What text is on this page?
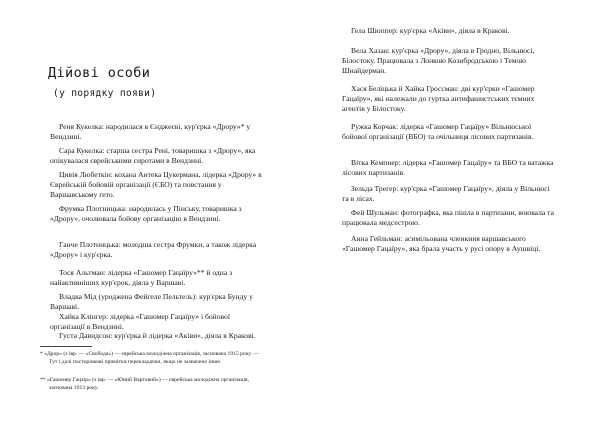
Дійові особи
(у порядку появи)

Реня Кукелка: народилася в Єнджеєві, кур'єрка «Дрору»* у Вендзині.

Сара Кукелка: старша сестра Рені, товаришка з «Дрору», яка опікувалася єврейськими сиротами в Вендзині.

Цивія Любеткін: кохана Антека Цукермана, лідерка «Дрору» в Єврейській бойовій організації (ЄБО) та повстання у Варшавському гето.

Фрумка Плотницька: народилась у Пінську, товаришка з «Дрору», очолювала бойову організацію в Вендзині.

Ганче Плотницька: молодша сестра Фрумки, а також лідерка «Дрору» і кур'єрка.

Тося Альтман: лідерка «Гашомер Гацаїру»** й одна з найактивніших кур'єрок, діяла у Варшаві.

Владка Мід (уроджена Фейгеле Пельтель): кур'єрка Бунду у Варшаві.

Хайка Клінгер: лідерка «Гашомер Гацаїру» і бойової організації в Вендзині.

Густа Давидсон: кур'єрка й лідерка «Аківи», діяла в Кракові.

* «Дрор» (з івр. — «Свобода») — єврейська молодіжна організація, заснована 1915 року. — Тут і далі посторінкові примітки перекладачки, якщо не зазначено інше.

** «Гашомер Гацаїр» (з івр. — «Юний Вартовий») — єврейська молодіжна організація, заснована 1913 року.

Гела Шюппер: кур'єрка «Аківи», діяла в Кракові.

Вела Хазан: кур'єрка «Дрору», діяла в Гродно, Вільнюсі, Білостоку. Працювала з Лонкою Козибродською і Темою Шнайдерман.

Хася Беліцька й Хайка Гроссман: дві кур'єрки «Гашомер Гацаїру», які належали до гуртка антифашистських тємних агентів у Білостоку.

Ружка Корчак: лідерка «Гашомер Гацаїру» Вільнюської бойової організації (ВБО) та очільниця лісових партизанів.

Вітка Кемпнер: лідерка «Гашомер Гацаїру» та ВБО та ватажка лісових партизанів.

Зельда Трегер: кур'єрка «Гашомер Гацаїру», діяла у Вільнюсі та в лісах.

Фей Шульман: фотографка, яка пішла в партизани, воювала та працювала медсестрою.

Анна Гейльман: асимільована членкиня варшавського «Гашомер Гацаїру», яка брала участь у русі опору в Аушвіці.
